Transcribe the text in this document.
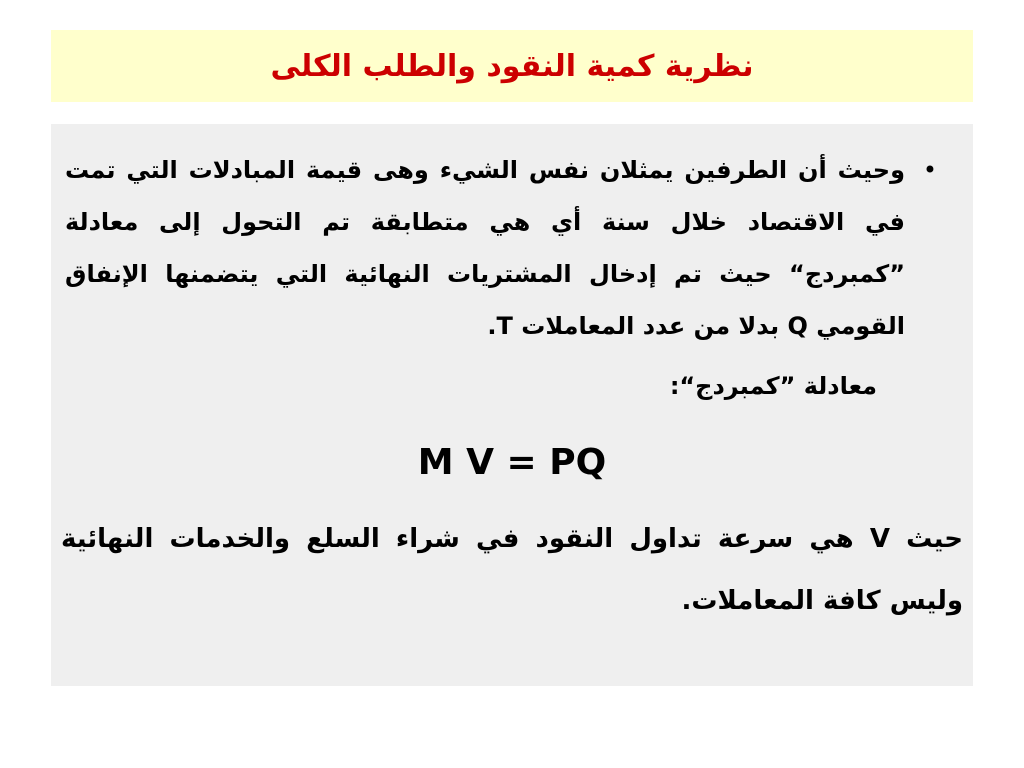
نظرية كمية النقود والطلب الكلى
•

وحيث أن الطرفين يمثلان نفس الشيء وهى قيمة المبادلات التي تمت في الاقتصاد خلال سنة أي هي متطابقة تم التحول إلى معادلة ”كمبردج“ حيث تم إدخال المشتريات النهائية التي يتضمنها الإنفاق القومي Q بدلا من عدد المعاملات T.

معادلة ”كمبردج“:
M V = PQ

حيث V هي سرعة تداول النقود في شراء السلع والخدمات النهائية وليس كافة المعاملات.
